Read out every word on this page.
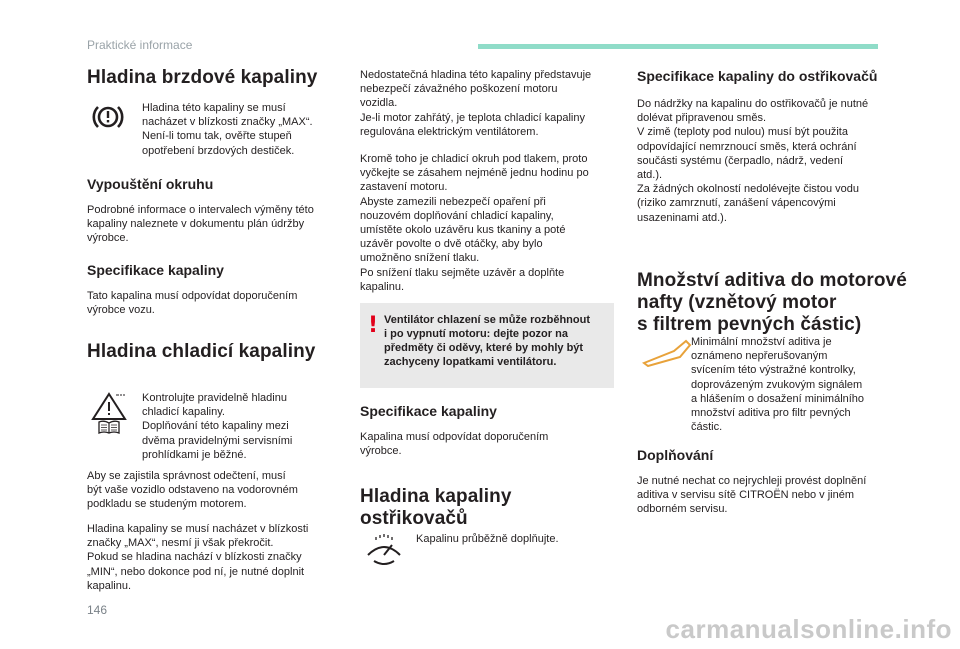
Praktické informace
Hladina brzdové kapaliny
Hladina této kapaliny se musí
nacházet v blízkosti značky „MAX“.
Není-li tomu tak, ověřte stupeň
opotřebení brzdových destiček.
Vypouštění okruhu
Podrobné informace o intervalech výměny této
kapaliny naleznete v dokumentu plán údržby
výrobce.
Specifikace kapaliny
Tato kapalina musí odpovídat doporučením
výrobce vozu.
Hladina chladicí kapaliny
Kontrolujte pravidelně hladinu
chladicí kapaliny.
Doplňování této kapaliny mezi
dvěma pravidelnými servisními
prohlídkami je běžné.
Aby se zajistila správnost odečtení, musí
být vaše vozidlo odstaveno na vodorovném
podkladu se studeným motorem.
Hladina kapaliny se musí nacházet v blízkosti
značky „MAX“, nesmí ji však překročit.
Pokud se hladina nachází v blízkosti značky
„MIN“, nebo dokonce pod ní, je nutné doplnit
kapalinu.
Nedostatečná hladina této kapaliny představuje
nebezpečí závažného poškození motoru
vozidla.
Je-li motor zahřátý, je teplota chladicí kapaliny
regulována elektrickým ventilátorem.
Kromě toho je chladicí okruh pod tlakem, proto
vyčkejte se zásahem nejméně jednu hodinu po
zastavení motoru.
Abyste zamezili nebezpečí opaření při
nouzovém doplňování chladicí kapaliny,
umístěte okolo uzávěru kus tkaniny a poté
uzávěr povolte o dvě otáčky, aby bylo
umožněno snížení tlaku.
Po snížení tlaku sejměte uzávěr a doplňte
kapalinu.
! Ventilátor chlazení se může rozběhnout
i po vypnutí motoru: dejte pozor na
předměty či oděvy, které by mohly být
zachyceny lopatkami ventilátoru.
Specifikace kapaliny
Kapalina musí odpovídat doporučením
výrobce.
Hladina kapaliny
ostřikovačů
Kapalinu průběžně doplňujte.
Specifikace kapaliny do ostřikovačů
Do nádržky na kapalinu do ostřikovačů je nutné
dolévat připravenou směs.
V zimě (teploty pod nulou) musí být použita
odpovídající nemrznoucí směs, která ochrání
součásti systému (čerpadlo, nádrž, vedení
atd.).
Za žádných okolností nedolévejte čistou vodu
(riziko zamrznutí, zanášení vápencovými
usazeninami atd.).
Množství aditiva do motorové
nafty (vznětový motor
s filtrem pevných částic)
Minimální množství aditiva je
oznámeno nepřerušovaným
svícením této výstražné kontrolky,
doprovázeným zvukovým signálem
a hlášením o dosažení minimálního
množství aditiva pro filtr pevných
částic.
Doplňování
Je nutné nechat co nejrychleji provést doplnění
aditiva v servisu sítě CITROËN nebo v jiném
odborném servisu.
146
carmanualsonline.info
